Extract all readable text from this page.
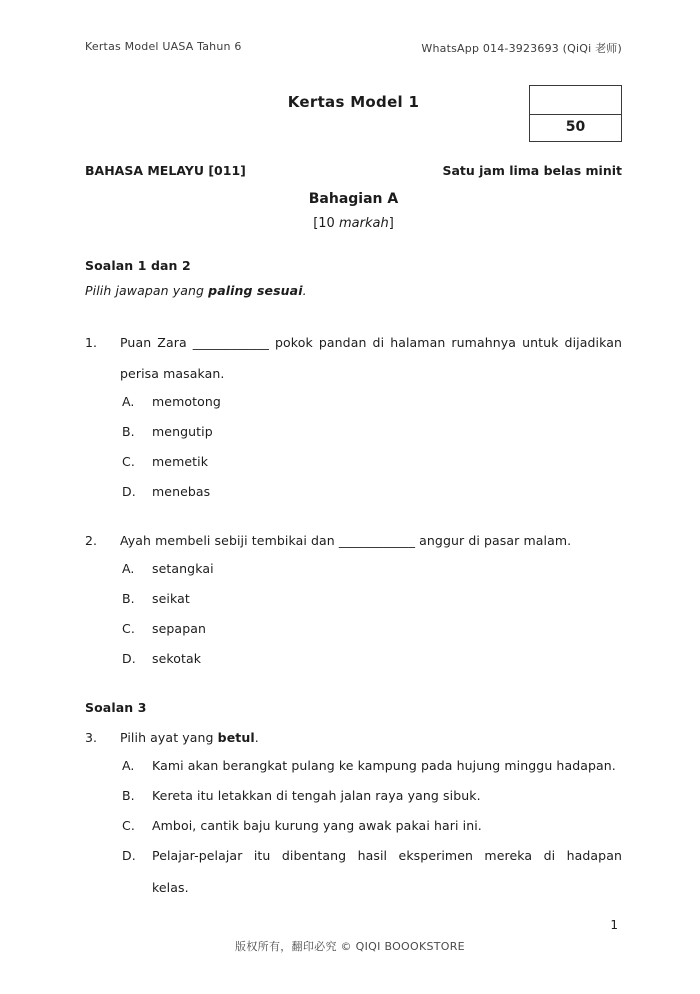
Kertas Model UASA Tahun 6	WhatsApp 014-3923693 (QiQi 老师)
Kertas Model 1
50
BAHASA MELAYU [011]	Satu jam lima belas minit
Bahagian A
[10 markah]
Soalan 1 dan 2
Pilih jawapan yang paling sesuai.
1.	Puan Zara ____________ pokok pandan di halaman rumahnya untuk dijadikan
perisa masakan.
A.	memotong
B.	mengutip
C.	memetik
D.	menebas
2.	Ayah membeli sebiji tembikai dan ____________ anggur di pasar malam.
A.	setangkai
B.	seikat
C.	sepapan
D.	sekotak
Soalan 3
3.	Pilih ayat yang betul.
A.	Kami akan berangkat pulang ke kampung pada hujung minggu hadapan.
B.	Kereta itu letakkan di tengah jalan raya yang sibuk.
C.	Amboi, cantik baju kurung yang awak pakai hari ini.
D.	Pelajar-pelajar itu dibentang hasil eksperimen mereka di hadapan
kelas.
1
版权所有，翻印必究 © QIQI BOOOKSTORE
